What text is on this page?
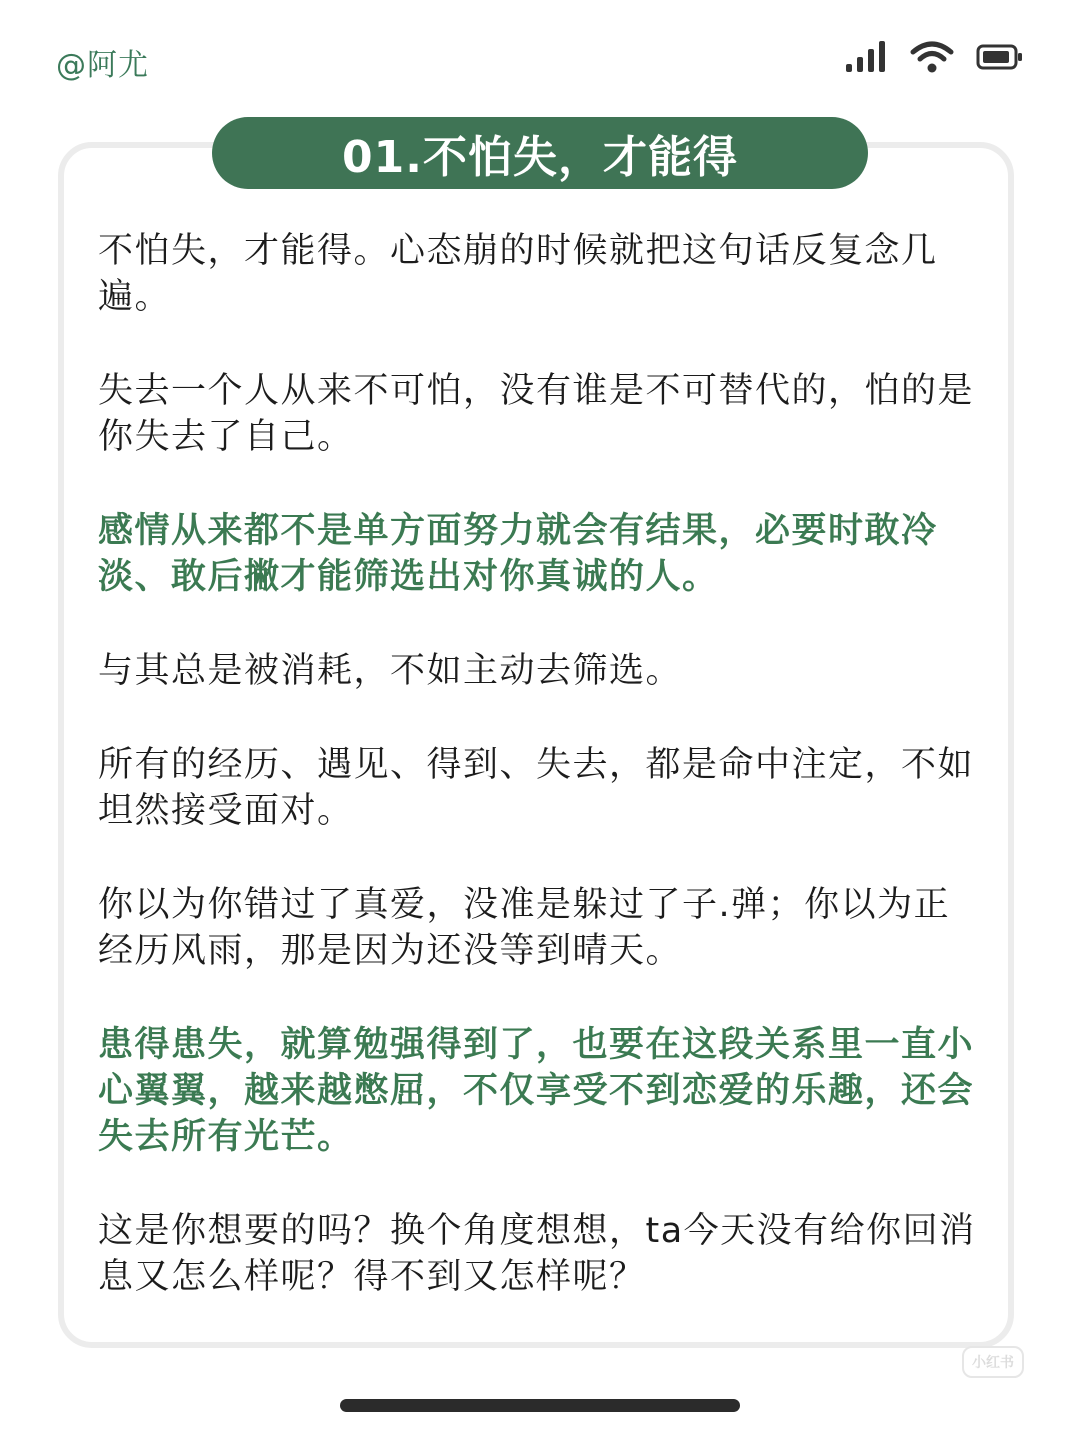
@阿尤
01.不怕失，才能得

不怕失，才能得。心态崩的时候就把这句话反复念几遍。

失去一个人从来不可怕，没有谁是不可替代的，怕的是你失去了自己。

感情从来都不是单方面努力就会有结果，必要时敢冷淡、敢后撇才能筛选出对你真诚的人。

与其总是被消耗，不如主动去筛选。

所有的经历、遇见、得到、失去，都是命中注定，不如坦然接受面对。

你以为你错过了真爱，没准是躲过了子.弹；你以为正经历风雨，那是因为还没等到晴天。

患得患失，就算勉强得到了，也要在这段关系里一直小心翼翼，越来越憋屈，不仅享受不到恋爱的乐趣，还会失去所有光芒。

这是你想要的吗？换个角度想想，ta今天没有给你回消息又怎么样呢？得不到又怎样呢？

小红书
